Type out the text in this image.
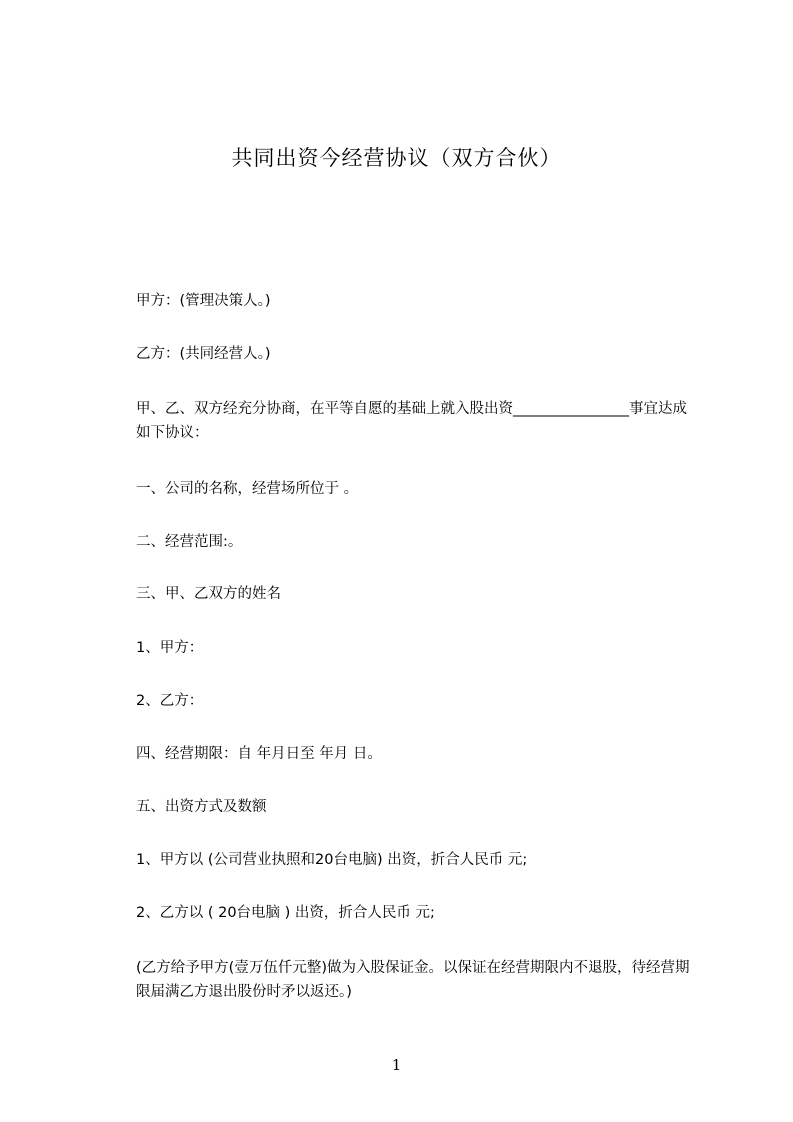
共同出资今经营协议（双方合伙）
甲方：(管理决策人。)
乙方：(共同经营人。)
甲、乙、双方经充分协商，在平等自愿的基础上就入股出资________________事宜达成如下协议：
一、公司的名称，经营场所位于 。
二、经营范围:。
三、甲、乙双方的姓名
1、甲方：
2、乙方：
四、经营期限：自 年月日至 年月 日。
五、出资方式及数额
1、甲方以 (公司营业执照和20台电脑) 出资，折合人民币 元;
2、乙方以 ( 20台电脑 ) 出资，折合人民币 元;
(乙方给予甲方(壹万伍仟元整)做为入股保证金。以保证在经营期限内不退股，待经营期限届满乙方退出股份时矛以返还。)
1
